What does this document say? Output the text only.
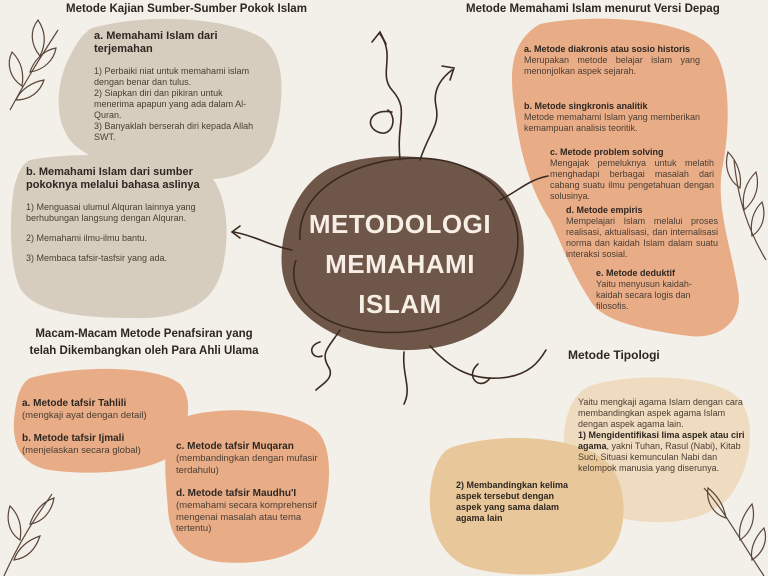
METODOLOGI
MEMAHAMI
ISLAM
Metode Kajian Sumber-Sumber Pokok Islam
a. Memahami Islam dari terjemahan
1) Perbaiki niat untuk memahami islam dengan benar dan tulus.
2) Siapkan diri dan pikiran untuk menerima apapun yang ada dalam Al-Quran.
3) Banyaklah berserah diri kepada Allah SWT.
b. Memahami Islam dari sumber pokoknya melalui bahasa aslinya
1) Menguasai ulumul Alquran lainnya yang berhubungan langsung dengan Alquran.
2) Memahami ilmu-ilmu bantu.
3) Membaca tafsir-tasfsir yang ada.
Metode Memahami Islam menurut Versi Depag
a. Metode diakronis atau sosio historis
Merupakan metode belajar islam yang menonjolkan aspek sejarah.
b. Metode singkronis analitik
Metode memahami Islam yang memberikan kemampuan analisis teoritik.
c. Metode problem solving
Mengajak pemeluknya untuk melatih menghadapi berbagai masalah dari cabang suatu ilmu pengetahuan dengan solusinya.
d. Metode empiris
Mempelajari Islam melalui proses realisasi, aktualisasi, dan internalisasi norma dan kaidah Islam dalam suatu interaksi sosial.
e. Metode deduktif
Yaitu menyusun kaidah-kaidah secara logis dan filosofis.
Macam-Macam Metode Penafsiran yang
telah Dikembangkan oleh Para Ahli Ulama
a. Metode tafsir Tahlili
(mengkaji ayat dengan detail)
b. Metode tafsir Ijmali
(menjelaskan secara global)	c. Metode tafsir Muqaran
(membandingkan dengan mufasir terdahulu)
d. Metode tafsir Maudhu'I
(memahami secara komprehensif mengenai masalah atau tema tertentu)
Metode Tipologi
Yaitu mengkaji agama Islam dengan cara membandingkan aspek agama Islam dengan aspek agama lain.
1) Mengidentifikasi lima aspek atau ciri agama, yakni Tuhan, Rasul (Nabi), Kitab Suci, Situasi kemunculan Nabi dan kelompok manusia yang diserunya.
2) Membandingkan kelima aspek tersebut dengan aspek yang sama dalam agama lain
